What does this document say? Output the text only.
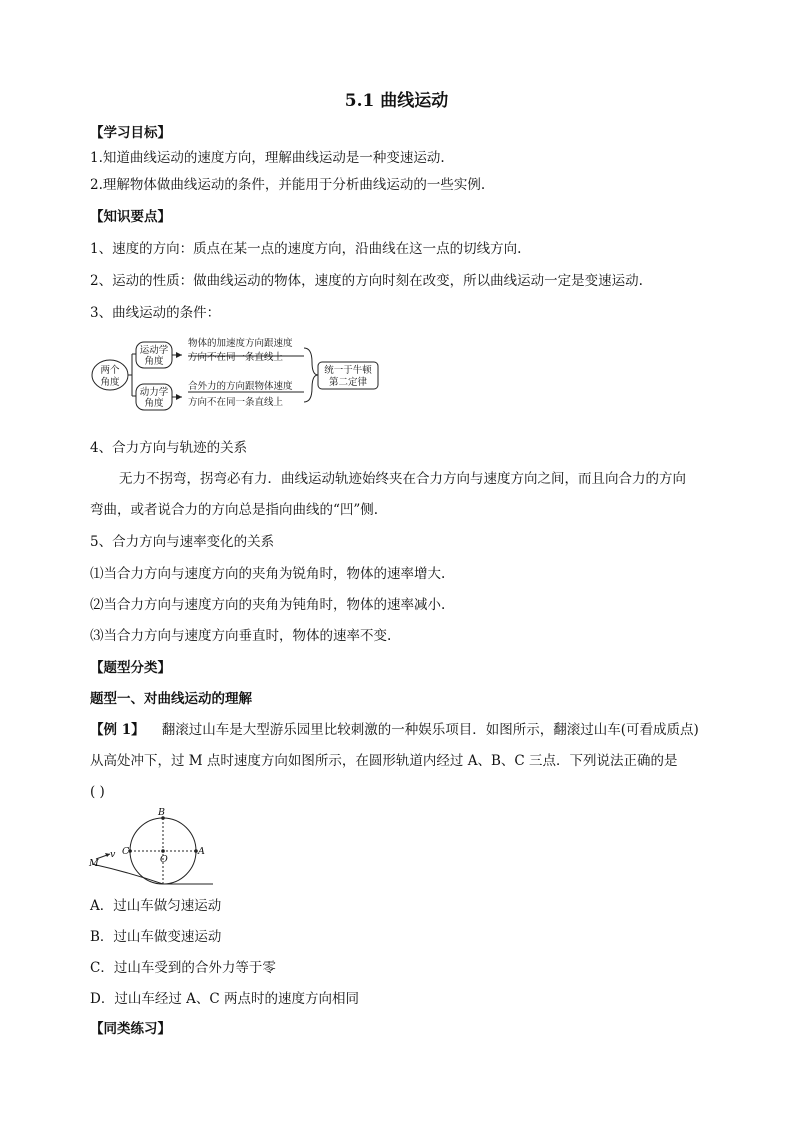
5.1 曲线运动
【学习目标】
1.知道曲线运动的速度方向，理解曲线运动是一种变速运动.
2.理解物体做曲线运动的条件，并能用于分析曲线运动的一些实例.
【知识要点】
1、速度的方向：质点在某一点的速度方向，沿曲线在这一点的切线方向.
2、运动的性质：做曲线运动的物体，速度的方向时刻在改变，所以曲线运动一定是变速运动.
3、曲线运动的条件：
两个
角度
运动学
角度
动力学
角度
物体的加速度方向跟速度
方向不在同一条直线上
合外力的方向跟物体速度
方向不在同一条直线上
统一于牛顿
第二定律
4、合力方向与轨迹的关系
无力不拐弯，拐弯必有力．曲线运动轨迹始终夹在合力方向与速度方向之间，而且向合力的方向
弯曲，或者说合力的方向总是指向曲线的“凹”侧.
5、合力方向与速率变化的关系
⑴当合力方向与速度方向的夹角为锐角时，物体的速率增大.
⑵当合力方向与速度方向的夹角为钝角时，物体的速率减小.
⑶当合力方向与速度方向垂直时，物体的速率不变.
【题型分类】
题型一、对曲线运动的理解
【例 1】 翻滚过山车是大型游乐园里比较刺激的一种娱乐项目．如图所示，翻滚过山车(可看成质点)
从高处冲下，过 M 点时速度方向如图所示，在圆形轨道内经过 A、B、C 三点．下列说法正确的是
( )
B
C
O
A
M
v
A．过山车做匀速运动
B．过山车做变速运动
C．过山车受到的合外力等于零
D．过山车经过 A、C 两点时的速度方向相同
【同类练习】
